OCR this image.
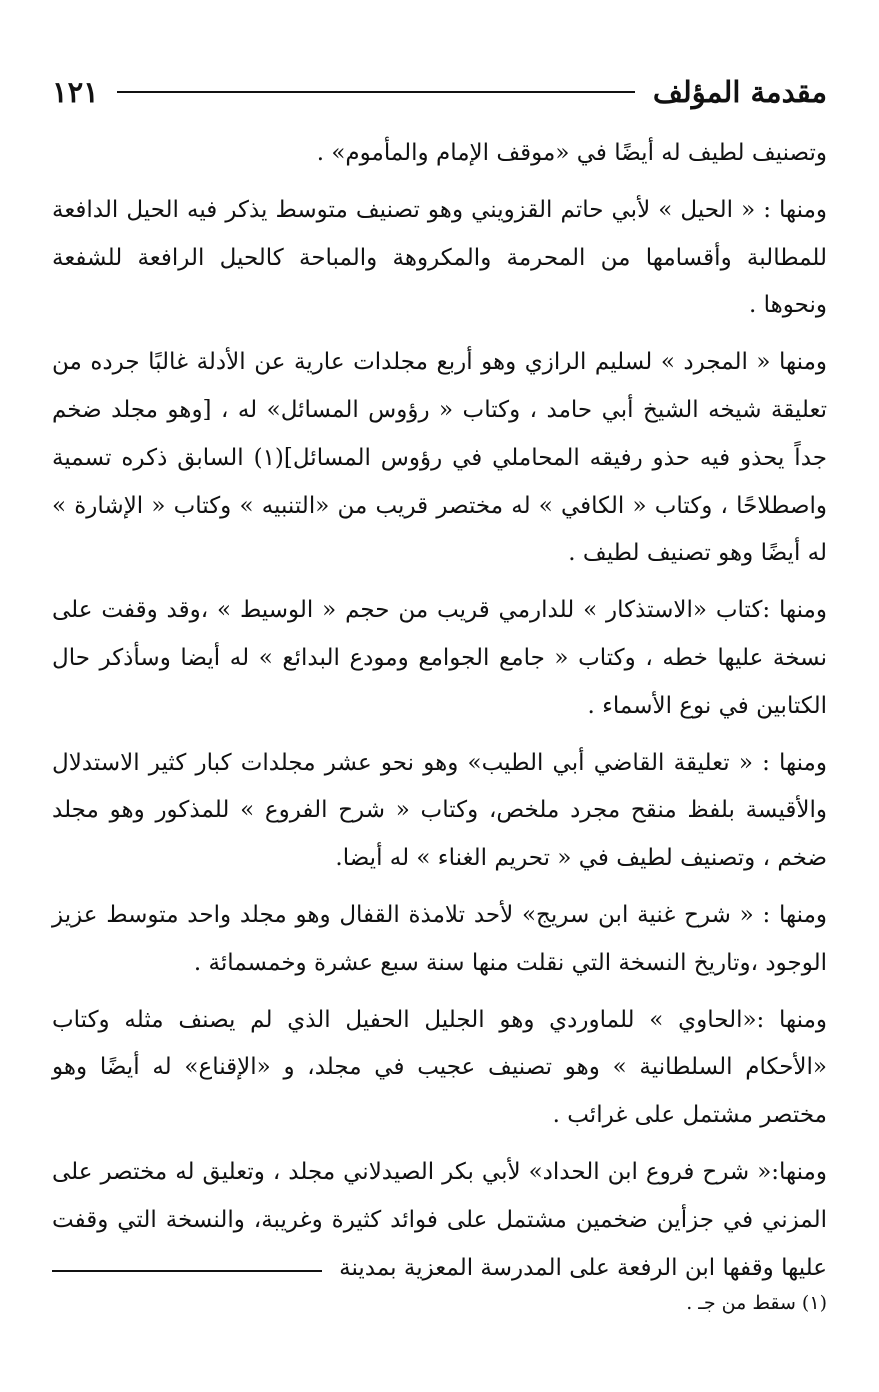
مقدمة المؤلف
١٢١

وتصنيف لطيف له أيضًا في «موقف الإمام والمأموم» .

ومنها : « الحيل » لأبي حاتم القزويني وهو تصنيف متوسط يذكر فيه الحيل الدافعة للمطالبة وأقسامها من المحرمة والمكروهة والمباحة كالحيل الرافعة للشفعة ونحوها .

ومنها « المجرد » لسليم الرازي وهو أربع مجلدات عارية عن الأدلة غالبًا جرده من تعليقة شيخه الشيخ أبي حامد ، وكتاب « رؤوس المسائل» له ، [وهو مجلد ضخم جداً يحذو فيه حذو رفيقه المحاملي في رؤوس المسائل](١) السابق ذكره تسمية واصطلاحًا ، وكتاب « الكافي » له مختصر قريب من «التنبيه » وكتاب « الإشارة » له أيضًا وهو تصنيف لطيف .

ومنها :كتاب «الاستذكار » للدارمي قريب من حجم « الوسيط » ،وقد وقفت على نسخة عليها خطه ، وكتاب « جامع الجوامع ومودع البدائع » له أيضا وسأذكر حال الكتابين في نوع الأسماء .

ومنها : « تعليقة القاضي أبي الطيب» وهو نحو عشر مجلدات كبار كثير الاستدلال والأقيسة بلفظ منقح مجرد ملخص، وكتاب « شرح الفروع » للمذكور وهو مجلد ضخم ، وتصنيف لطيف في « تحريم الغناء » له أيضا.

ومنها : « شرح غنية ابن سريج» لأحد تلامذة القفال وهو مجلد واحد متوسط عزيز الوجود ،وتاريخ النسخة التي نقلت منها سنة سبع عشرة وخمسمائة .

ومنها :«الحاوي » للماوردي وهو الجليل الحفيل الذي لم يصنف مثله وكتاب «الأحكام السلطانية » وهو تصنيف عجيب في مجلد، و «الإقناع» له أيضًا وهو مختصر مشتمل على غرائب .

ومنها:« شرح فروع ابن الحداد» لأبي بكر الصيدلاني مجلد ، وتعليق له مختصر على المزني في جزأين ضخمين مشتمل على فوائد كثيرة وغريبة، والنسخة التي وقفت عليها وقفها ابن الرفعة على المدرسة المعزية بمدينة

(١) سقط من جـ .
